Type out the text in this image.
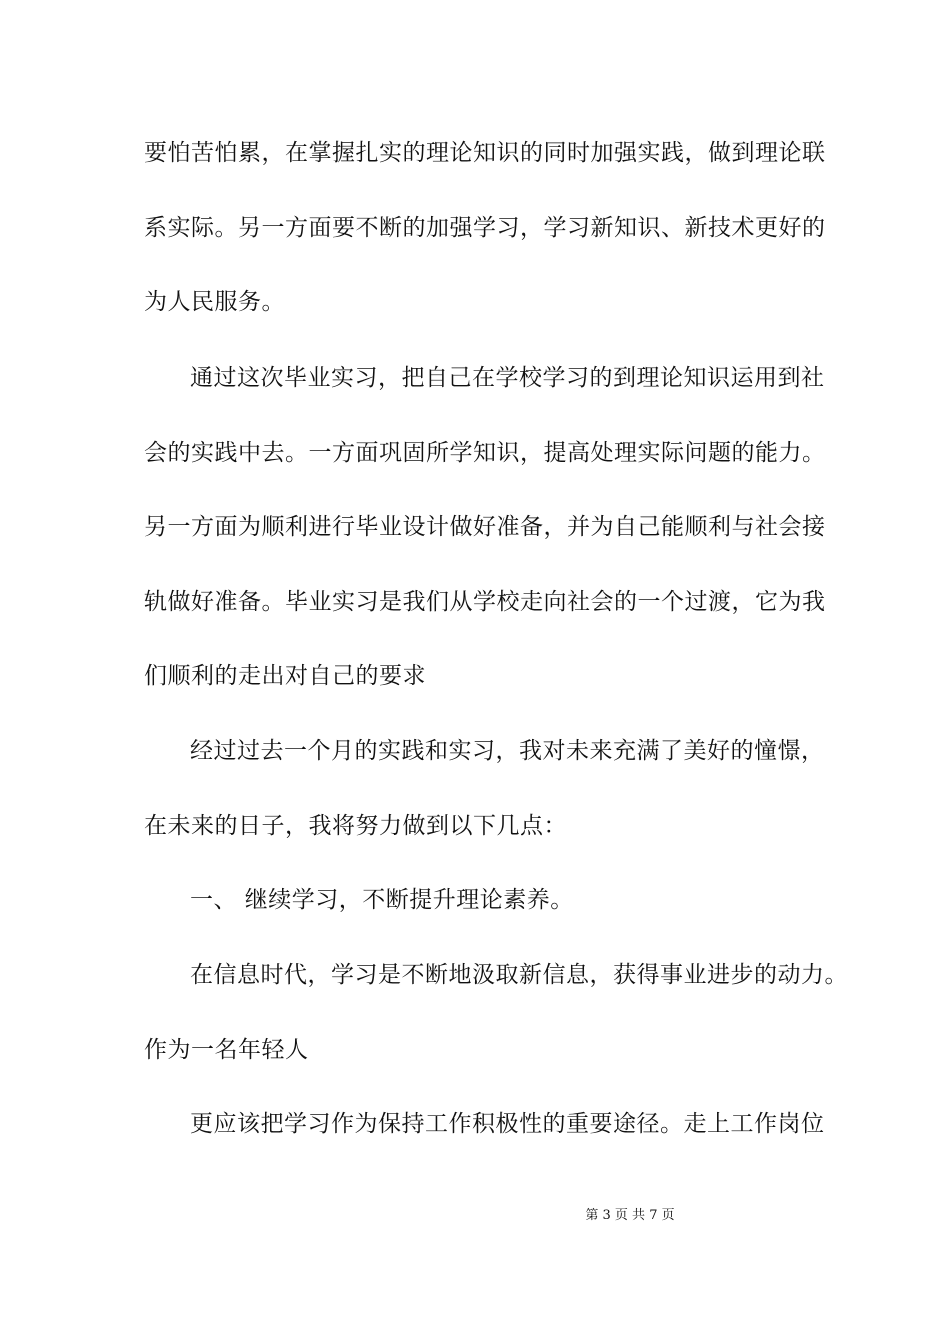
要怕苦怕累，在掌握扎实的理论知识的同时加强实践，做到理论联
系实际。另一方面要不断的加强学习，学习新知识、新技术更好的
为人民服务。
通过这次毕业实习，把自己在学校学习的到理论知识运用到社
会的实践中去。一方面巩固所学知识，提高处理实际问题的能力。
另一方面为顺利进行毕业设计做好准备，并为自己能顺利与社会接
轨做好准备。毕业实习是我们从学校走向社会的一个过渡，它为我
们顺利的走出对自己的要求
经过过去一个月的实践和实习，我对未来充满了美好的憧憬，
在未来的日子，我将努力做到以下几点：
一、 继续学习，不断提升理论素养。
在信息时代，学习是不断地汲取新信息，获得事业进步的动力。
作为一名年轻人
更应该把学习作为保持工作积极性的重要途径。走上工作岗位
第 3 页 共 7 页
